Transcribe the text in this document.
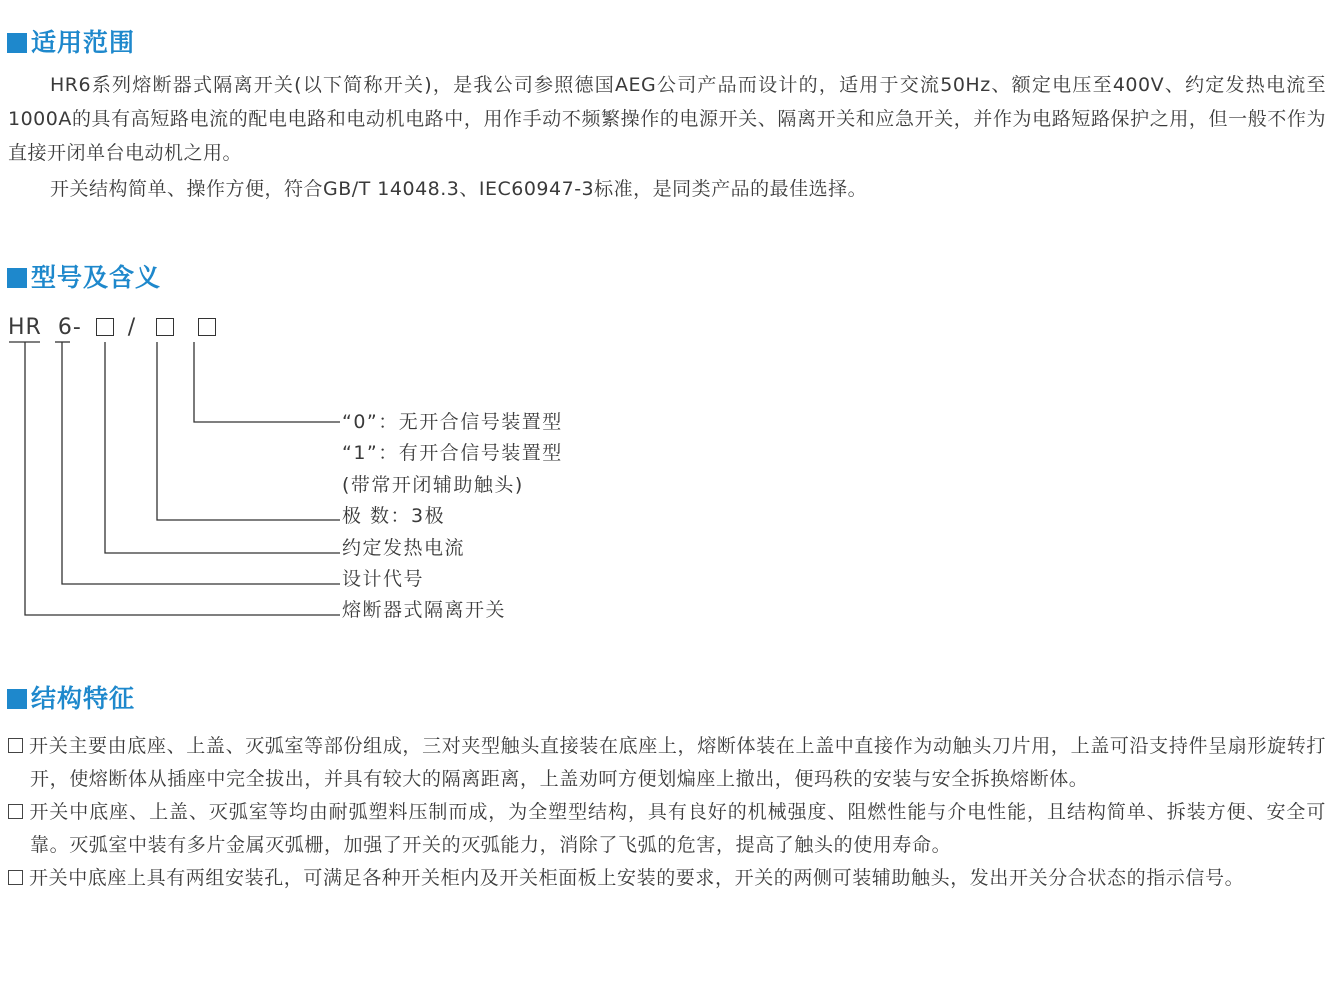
适用范围
HR6系列熔断器式隔离开关(以下简称开关)，是我公司参照德国AEG公司产品而设计的，适用于交流50Hz、额定电压至400V、约定发热电流至1000A的具有高短路电流的配电电路和电动机电路中，用作手动不频繁操作的电源开关、隔离开关和应急开关，并作为电路短路保护之用，但一般不作为直接开闭单台电动机之用。
开关结构简单、操作方便，符合GB/T 14048.3、IEC60947-3标准，是同类产品的最佳选择。
型号及含义
HR 6- /
“0”：无开合信号装置型
“1”：有开合信号装置型
(带常开闭辅助触头)
极 数：3极
约定发热电流
设计代号
熔断器式隔离开关
结构特征
开关主要由底座、上盖、灭弧室等部份组成，三对夹型触头直接装在底座上，熔断体装在上盖中直接作为动触头刀片用，上盖可沿支持件呈扇形旋转打开，使熔断体从插座中完全拔出，并具有较大的隔离距离，上盖劝呵方便划煸座上撤出，便玛秩的安装与安全拆换熔断体。
开关中底座、上盖、灭弧室等均由耐弧塑料压制而成，为全塑型结构，具有良好的机械强度、阻燃性能与介电性能，且结构简单、拆装方便、安全可靠。灭弧室中装有多片金属灭弧栅，加强了开关的灭弧能力，消除了飞弧的危害，提高了触头的使用寿命。
开关中底座上具有两组安装孔，可满足各种开关柜内及开关柜面板上安装的要求，开关的两侧可装辅助触头，发出开关分合状态的指示信号。
